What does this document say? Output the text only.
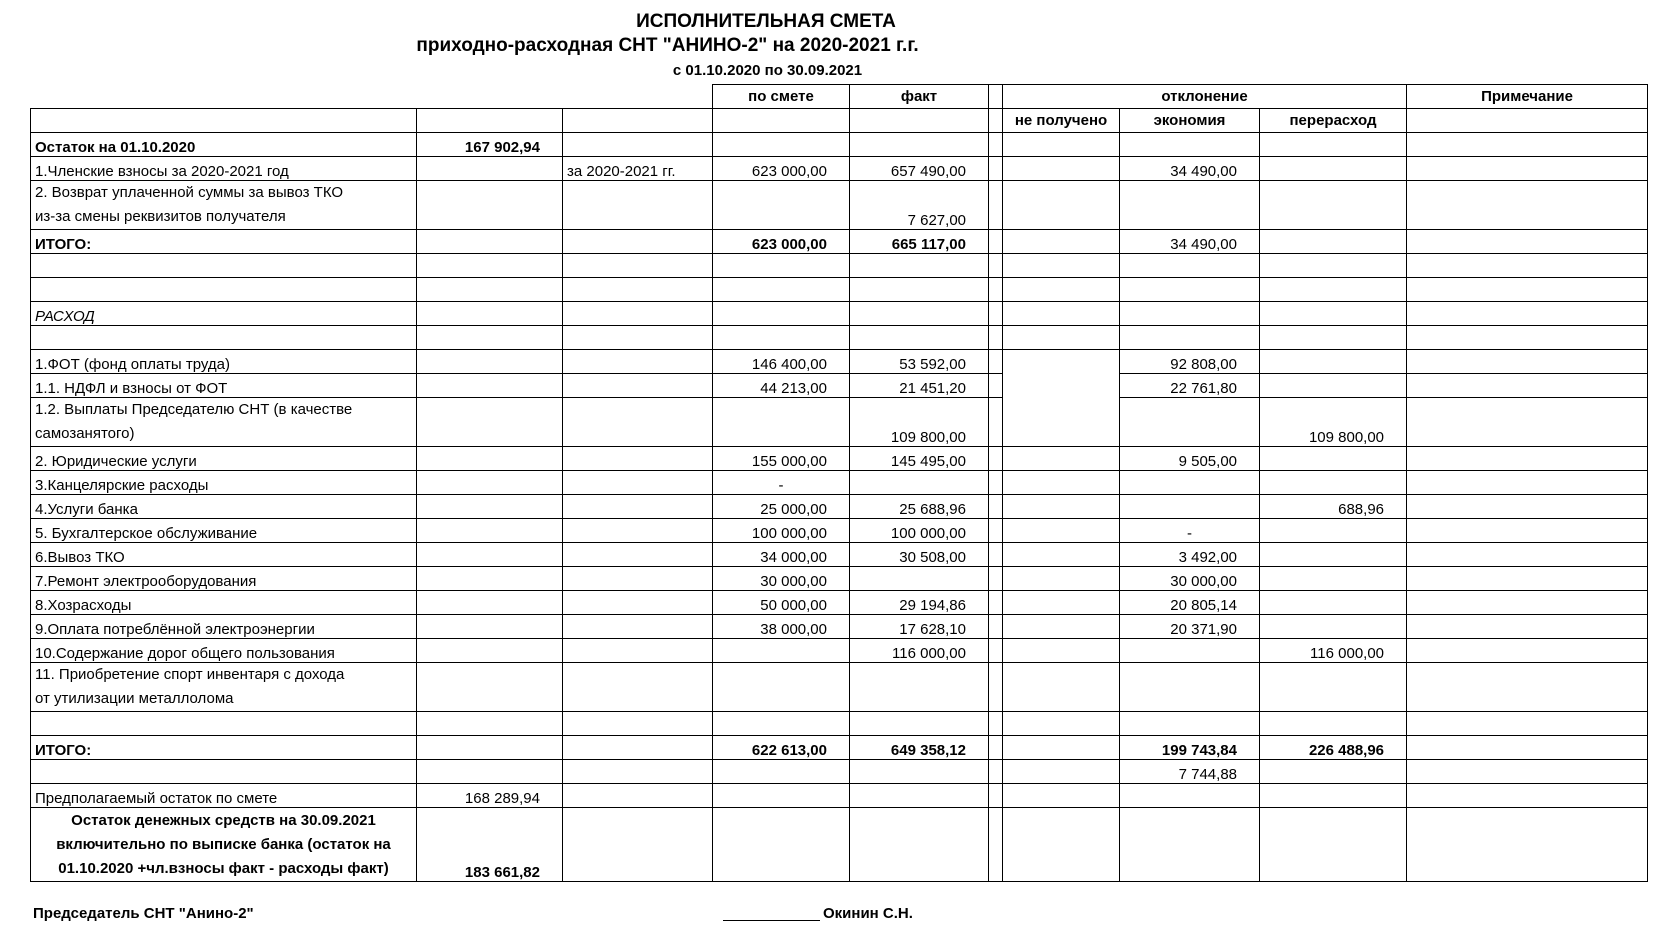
ИСПОЛНИТЕЛЬНАЯ СМЕТА
приходно-расходная СНТ "АНИНО-2" на 2020-2021 г.г.
с 01.10.2020 по 30.09.2021
			по смете	факт		отклонение			Примечание
						не получено	экономия	перерасход	
Остаток на 01.10.2020	167 902,94								
1.Членские взносы за 2020-2021 год		за 2020-2021 гг.	623 000,00	657 490,00			34 490,00		

2. Возврат уплаченной суммы за вывоз ТКО
из-за смены реквизитов получателя				7 627,00					
ИТОГО:			623 000,00	665 117,00			34 490,00		

РАСХОД									

1.ФОТ (фонд оплаты труда)			146 400,00	53 592,00			92 808,00		
1.1. НДФЛ и взносы от ФОТ			44 213,00	21 451,20			22 761,80		

1.2. Выплаты Председателю СНТ (в качестве
самозанятого)				109 800,00				109 800,00	
2. Юридические услуги			155 000,00	145 495,00			9 505,00		
3.Канцелярские расходы			-						
4.Услуги банка			25 000,00	25 688,96				688,96	
5. Бухгалтерское обслуживание			100 000,00	100 000,00			-		
6.Вывоз ТКО			34 000,00	30 508,00			3 492,00		
7.Ремонт электрооборудования			30 000,00				30 000,00		
8.Хозрасходы			50 000,00	29 194,86			20 805,14		
9.Оплата потреблённой электроэнергии			38 000,00	17 628,10			20 371,90		
10.Содержание дорог общего пользования				116 000,00				116 000,00	

11. Приобретение спорт инвентаря с дохода
от утилизации металлолома									

ИТОГО:			622 613,00	649 358,12			199 743,84	226 488,96	
							7 744,88		
Предполагаемый остаток по смете	168 289,94								
Остаток денежных средств на 30.09.2021 включительно по выписке банка (остаток на 01.10.2020 +чл.взносы факт - расходы факт)	183 661,82								
Председатель СНТ "Анино-2"	Окинин С.Н.
